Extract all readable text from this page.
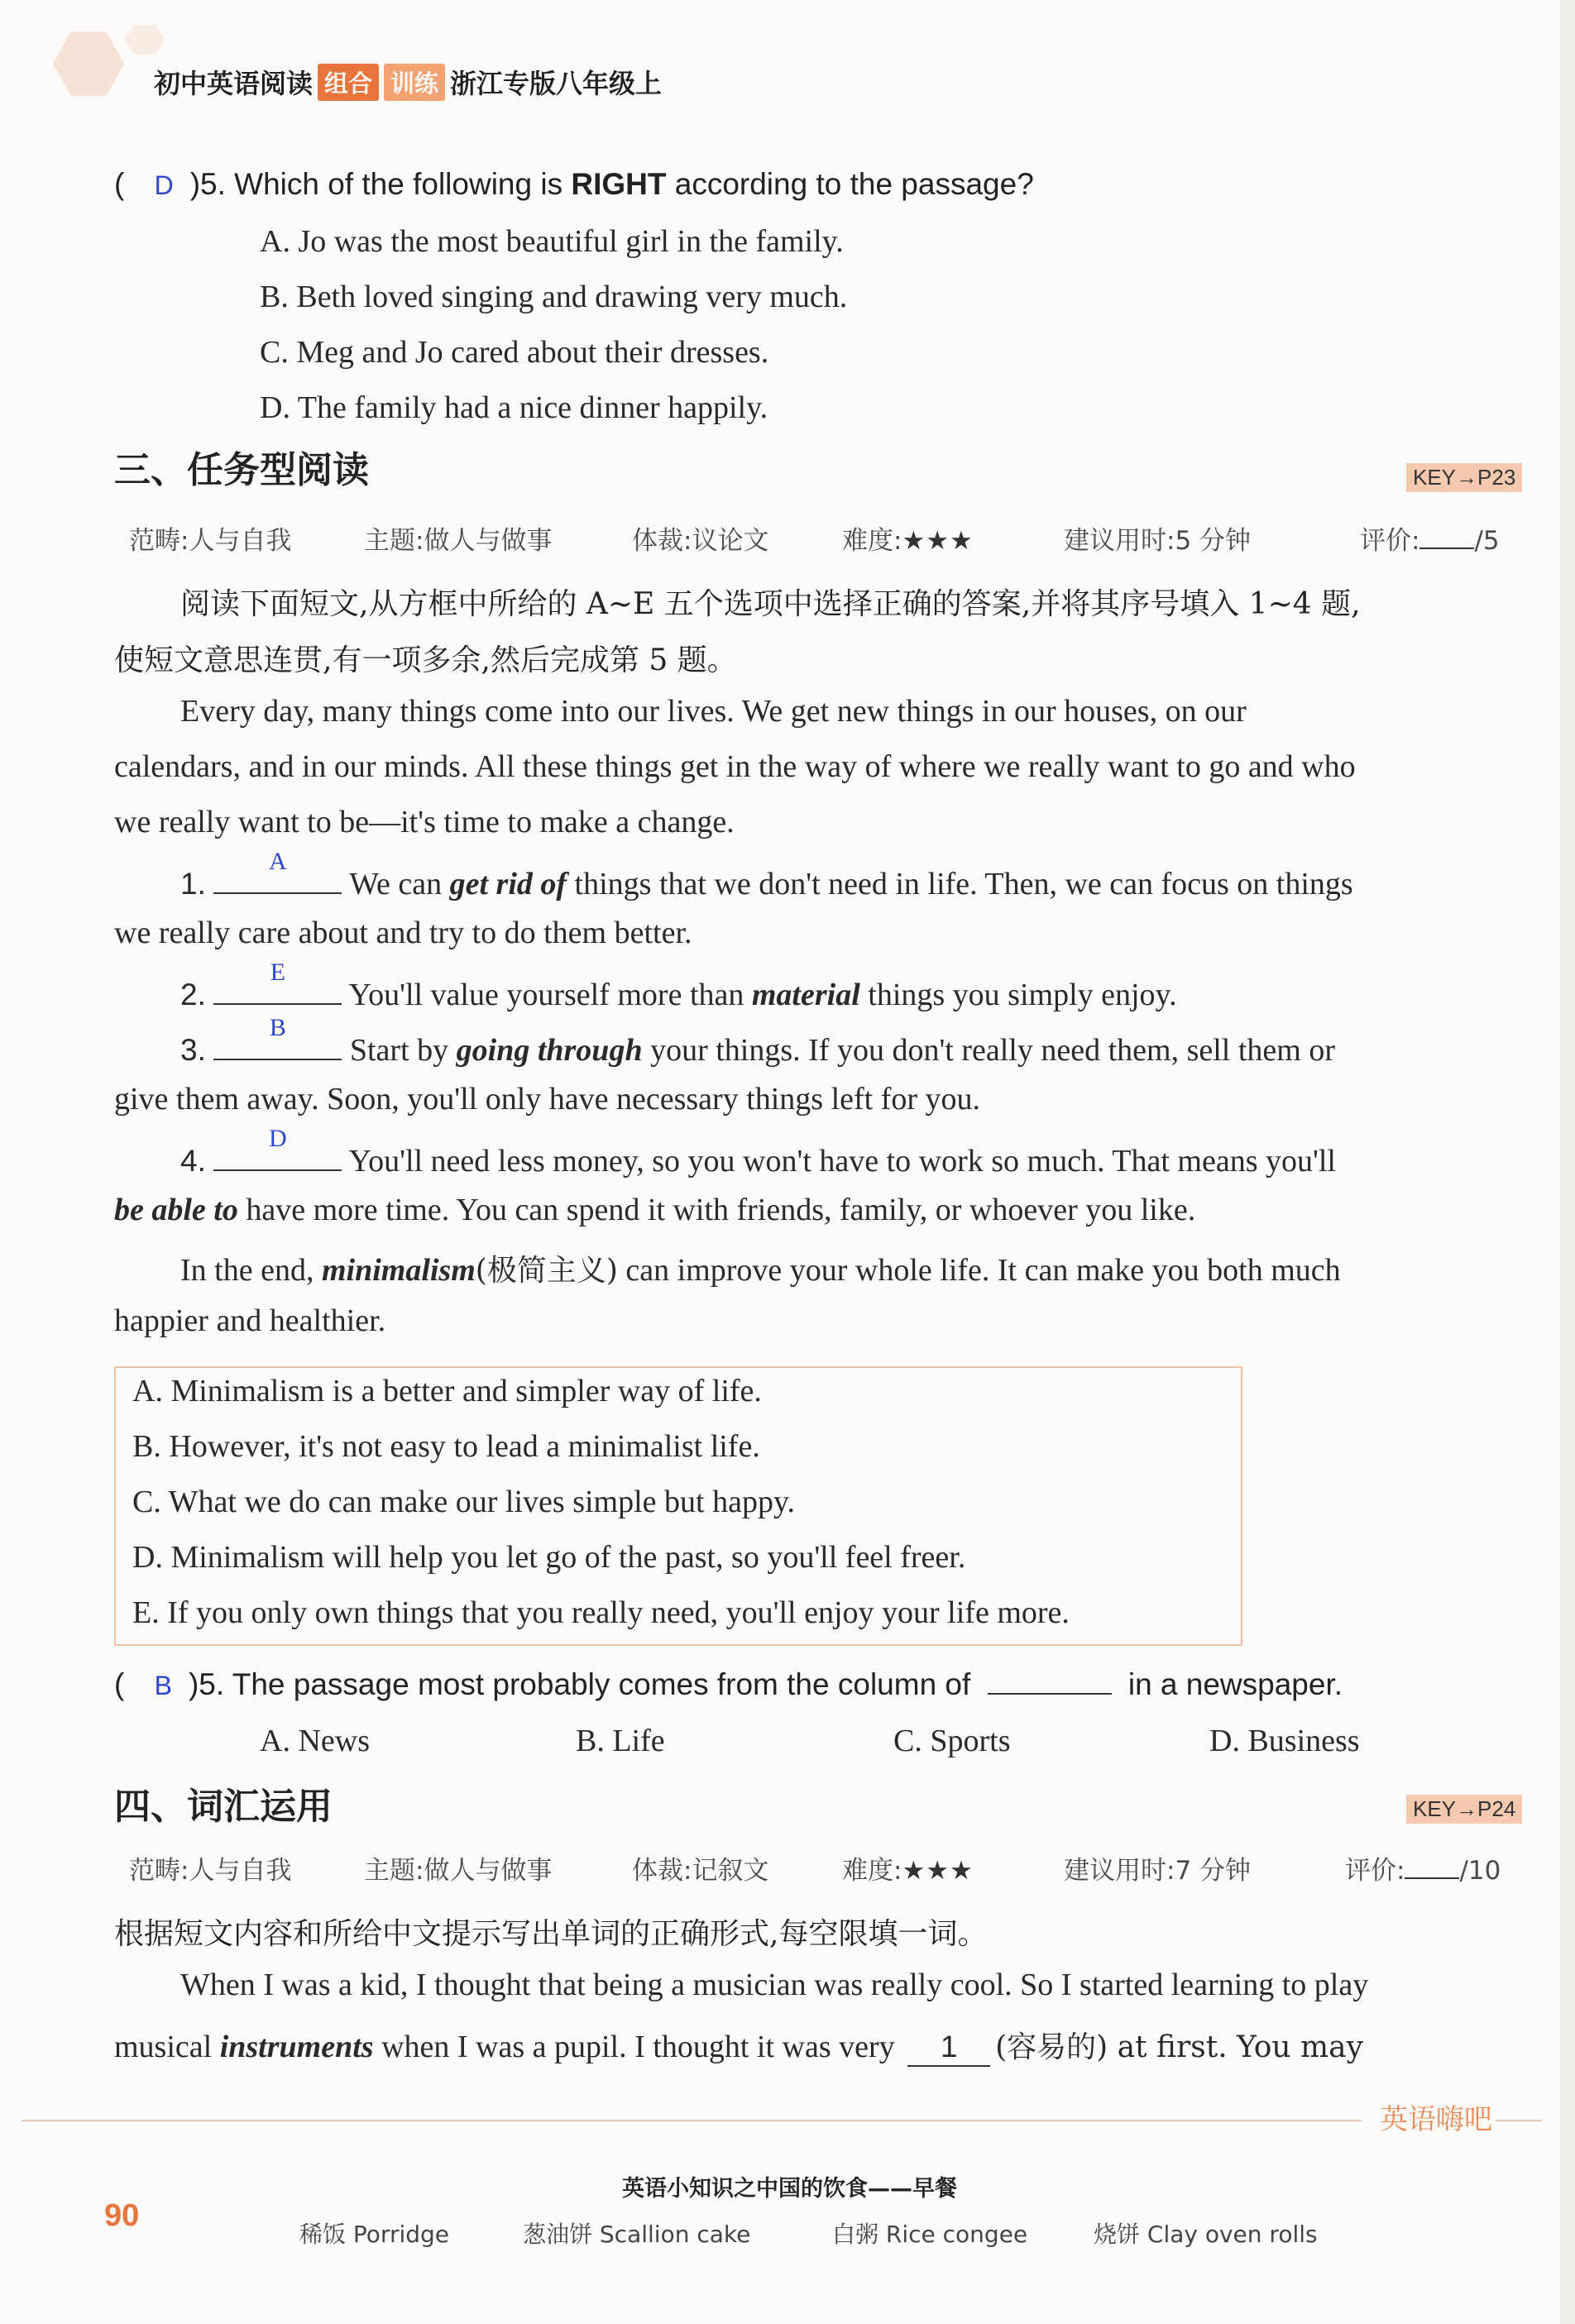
初中英语阅读 组合 训练 浙江专版八年级上
( D )5. Which of the following is RIGHT according to the passage?
A. Jo was the most beautiful girl in the family.
B. Beth loved singing and drawing very much.
C. Meg and Jo cared about their dresses.
D. The family had a nice dinner happily.
三、任务型阅读	KEY→P23
范畴:人与自我	主题:做人与做事	体裁:议论文	难度:★★★	建议用时:5 分钟	评价: /5
阅读下面短文,从方框中所给的 A~E 五个选项中选择正确的答案,并将其序号填入 1~4 题,
使短文意思连贯,有一项多余,然后完成第 5 题。
Every day, many things come into our lives. We get new things in our houses, on our
calendars, and in our minds. All these things get in the way of where we really want to go and who
we really want to be—it's time to make a change.
1.
A
We can get rid of things that we don't need in life. Then, we can focus on things
we really care about and try to do them better.
2.
E
You'll value yourself more than material things you simply enjoy.
3.
B
Start by going through your things. If you don't really need them, sell them or
give them away. Soon, you'll only have necessary things left for you.
4.
D
You'll need less money, so you won't have to work so much. That means you'll
be able to have more time. You can spend it with friends, family, or whoever you like.
In the end, minimalism(极简主义) can improve your whole life. It can make you both much
happier and healthier.
A. Minimalism is a better and simpler way of life.
B. However, it's not easy to lead a minimalist life.
C. What we do can make our lives simple but happy.
D. Minimalism will help you let go of the past, so you'll feel freer.
E. If you only own things that you really need, you'll enjoy your life more.
( B )5. The passage most probably comes from the column of	in a newspaper.
A. News	B. Life	C. Sports	D. Business
四、词汇运用	KEY→P24
范畴:人与自我	主题:做人与做事	体裁:记叙文	难度:★★★	建议用时:7 分钟	评价: /10
根据短文内容和所给中文提示写出单词的正确形式,每空限填一词。
When I was a kid, I thought that being a musician was really cool. So I started learning to play
musical instruments when I was a pupil. I thought it was very 1 (容易的) at first. You may
英语嗨吧
90
英语小知识之中国的饮食——早餐
稀饭 Porridge	葱油饼 Scallion cake	白粥 Rice congee	烧饼 Clay oven rolls
